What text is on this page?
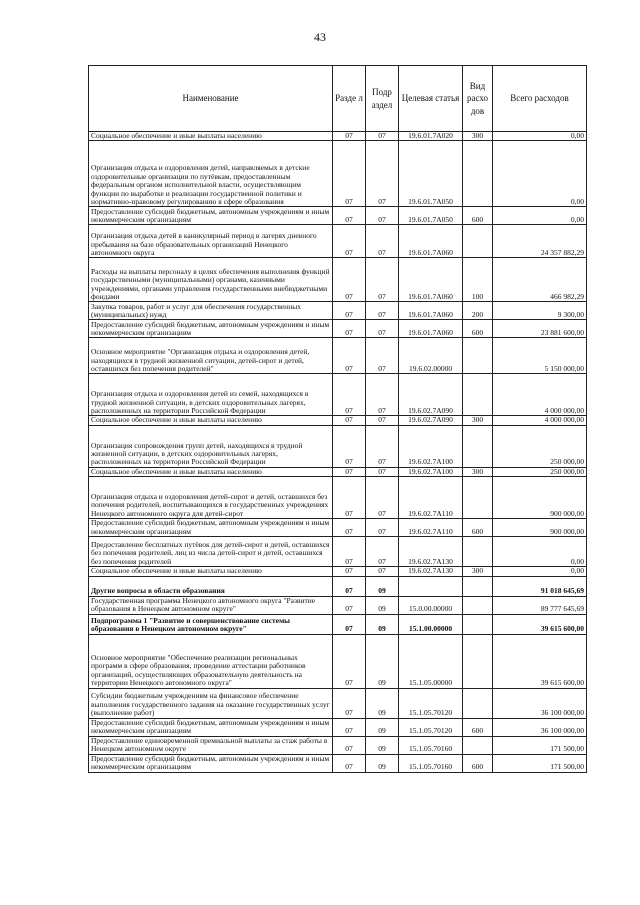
43
Наименование	Разде л	Подр аздел	Целевая статья	Вид расхо дов	Всего расходов
Социальное обеспечение и иные выплаты населению	07	07	19.6.01.7А020	300	0,00
Организация отдыха и оздоровления детей, направляемых в детские оздоровительные организации по путёвкам, предоставленным федеральным органом исполнительной власти, осуществляющим функции по выработке и реализации государственной политики и нормативно-правовому регулированию в сфере образования	07	07	19.6.01.7А050		0,00
Предоставление субсидий бюджетным, автономным учреждениям и иным некоммерческим организациям	07	07	19.6.01.7А050	600	0,00
Организация отдыха детей в каникулярный период в лагерях дневного пребывания на базе образовательных организаций Ненецкого автономного округа	07	07	19.6.01.7А060		24 357 882,29
Расходы на выплаты персоналу в целях обеспечения выполнения функций государственными (муниципальными) органами, казенными учреждениями, органами управления государственными внебюджетными фондами	07	07	19.6.01.7А060	100	466 982,29
Закупка товаров, работ и услуг для обеспечения государственных (муниципальных) нужд	07	07	19.6.01.7А060	200	9 300,00
Предоставление субсидий бюджетным, автономным учреждениям и иным некоммерческим организациям	07	07	19.6.01.7А060	600	23 881 600,00
Основное мероприятие "Организация отдыха и оздоровления детей, находящихся в трудной жизненной ситуации, детей-сирот и детей, оставшихся без попечения родителей"	07	07	19.6.02.00000		5 150 000,00
Организация отдыха и оздоровления детей из семей, находящихся в трудной жизненной ситуации, в детских оздоровительных лагерях, расположенных на территории Российской Федерации	07	07	19.6.02.7А090		4 000 000,00
Социальное обеспечение и иные выплаты населению	07	07	19.6.02.7А090	300	4 000 000,00
Организация сопровождения групп детей, находящихся в трудной жизненной ситуации, в детских оздоровительных лагерях, расположенных на территории Российской Федерации	07	07	19.6.02.7А100		250 000,00
Социальное обеспечение и иные выплаты населению	07	07	19.6.02.7А100	300	250 000,00
Организация отдыха и оздоровления детей-сирот и детей, оставшихся без попечения родителей, воспитывающихся в государственных учреждениях Ненецкого автономного округа для детей-сирот	07	07	19.6.02.7А110		900 000,00
Предоставление субсидий бюджетным, автономным учреждениям и иным некоммерческим организациям	07	07	19.6.02.7А110	600	900 000,00
Предоставление бесплатных путёвок для детей-сирот и детей, оставшихся без попечения родителей, лиц из числа детей-сирот и детей, оставшихся без попечения родителей	07	07	19.6.02.7А130		0,00
Социальное обеспечение и иные выплаты населению	07	07	19.6.02.7А130	300	0,00
Другие вопросы в области образования	07	09			91 018 645,69
Государственная программа Ненецкого автономного округа "Развитие образования в Ненецком автономном округе"	07	09	15.0.00.00000		89 777 645,69
Подпрограмма 1 "Развитие и совершенствование системы образования в Ненецком автономном округе"	07	09	15.1.00.00000		39 615 600,00
Основное мероприятие "Обеспечение реализации региональных программ в сфере образования, проведение аттестации работников организаций, осуществляющих образовательную деятельность на территории Ненецкого автономного округа"	07	09	15.1.05.00000		39 615 600,00
Субсидии бюджетным учреждениям на финансовое обеспечение выполнения государственного задания на оказание государственных услуг (выполнение работ)	07	09	15.1.05.70120		36 100 000,00
Предоставление субсидий бюджетным, автономным учреждениям и иным некоммерческим организациям	07	09	15.1.05.70120	600	36 100 000,00
Предоставление единовременной премиальной выплаты за стаж работы в Ненецком автономном округе	07	09	15.1.05.70160		171 500,00
Предоставление субсидий бюджетным, автономным учреждениям и иным некоммерческим организациям	07	09	15.1.05.70160	600	171 500,00
